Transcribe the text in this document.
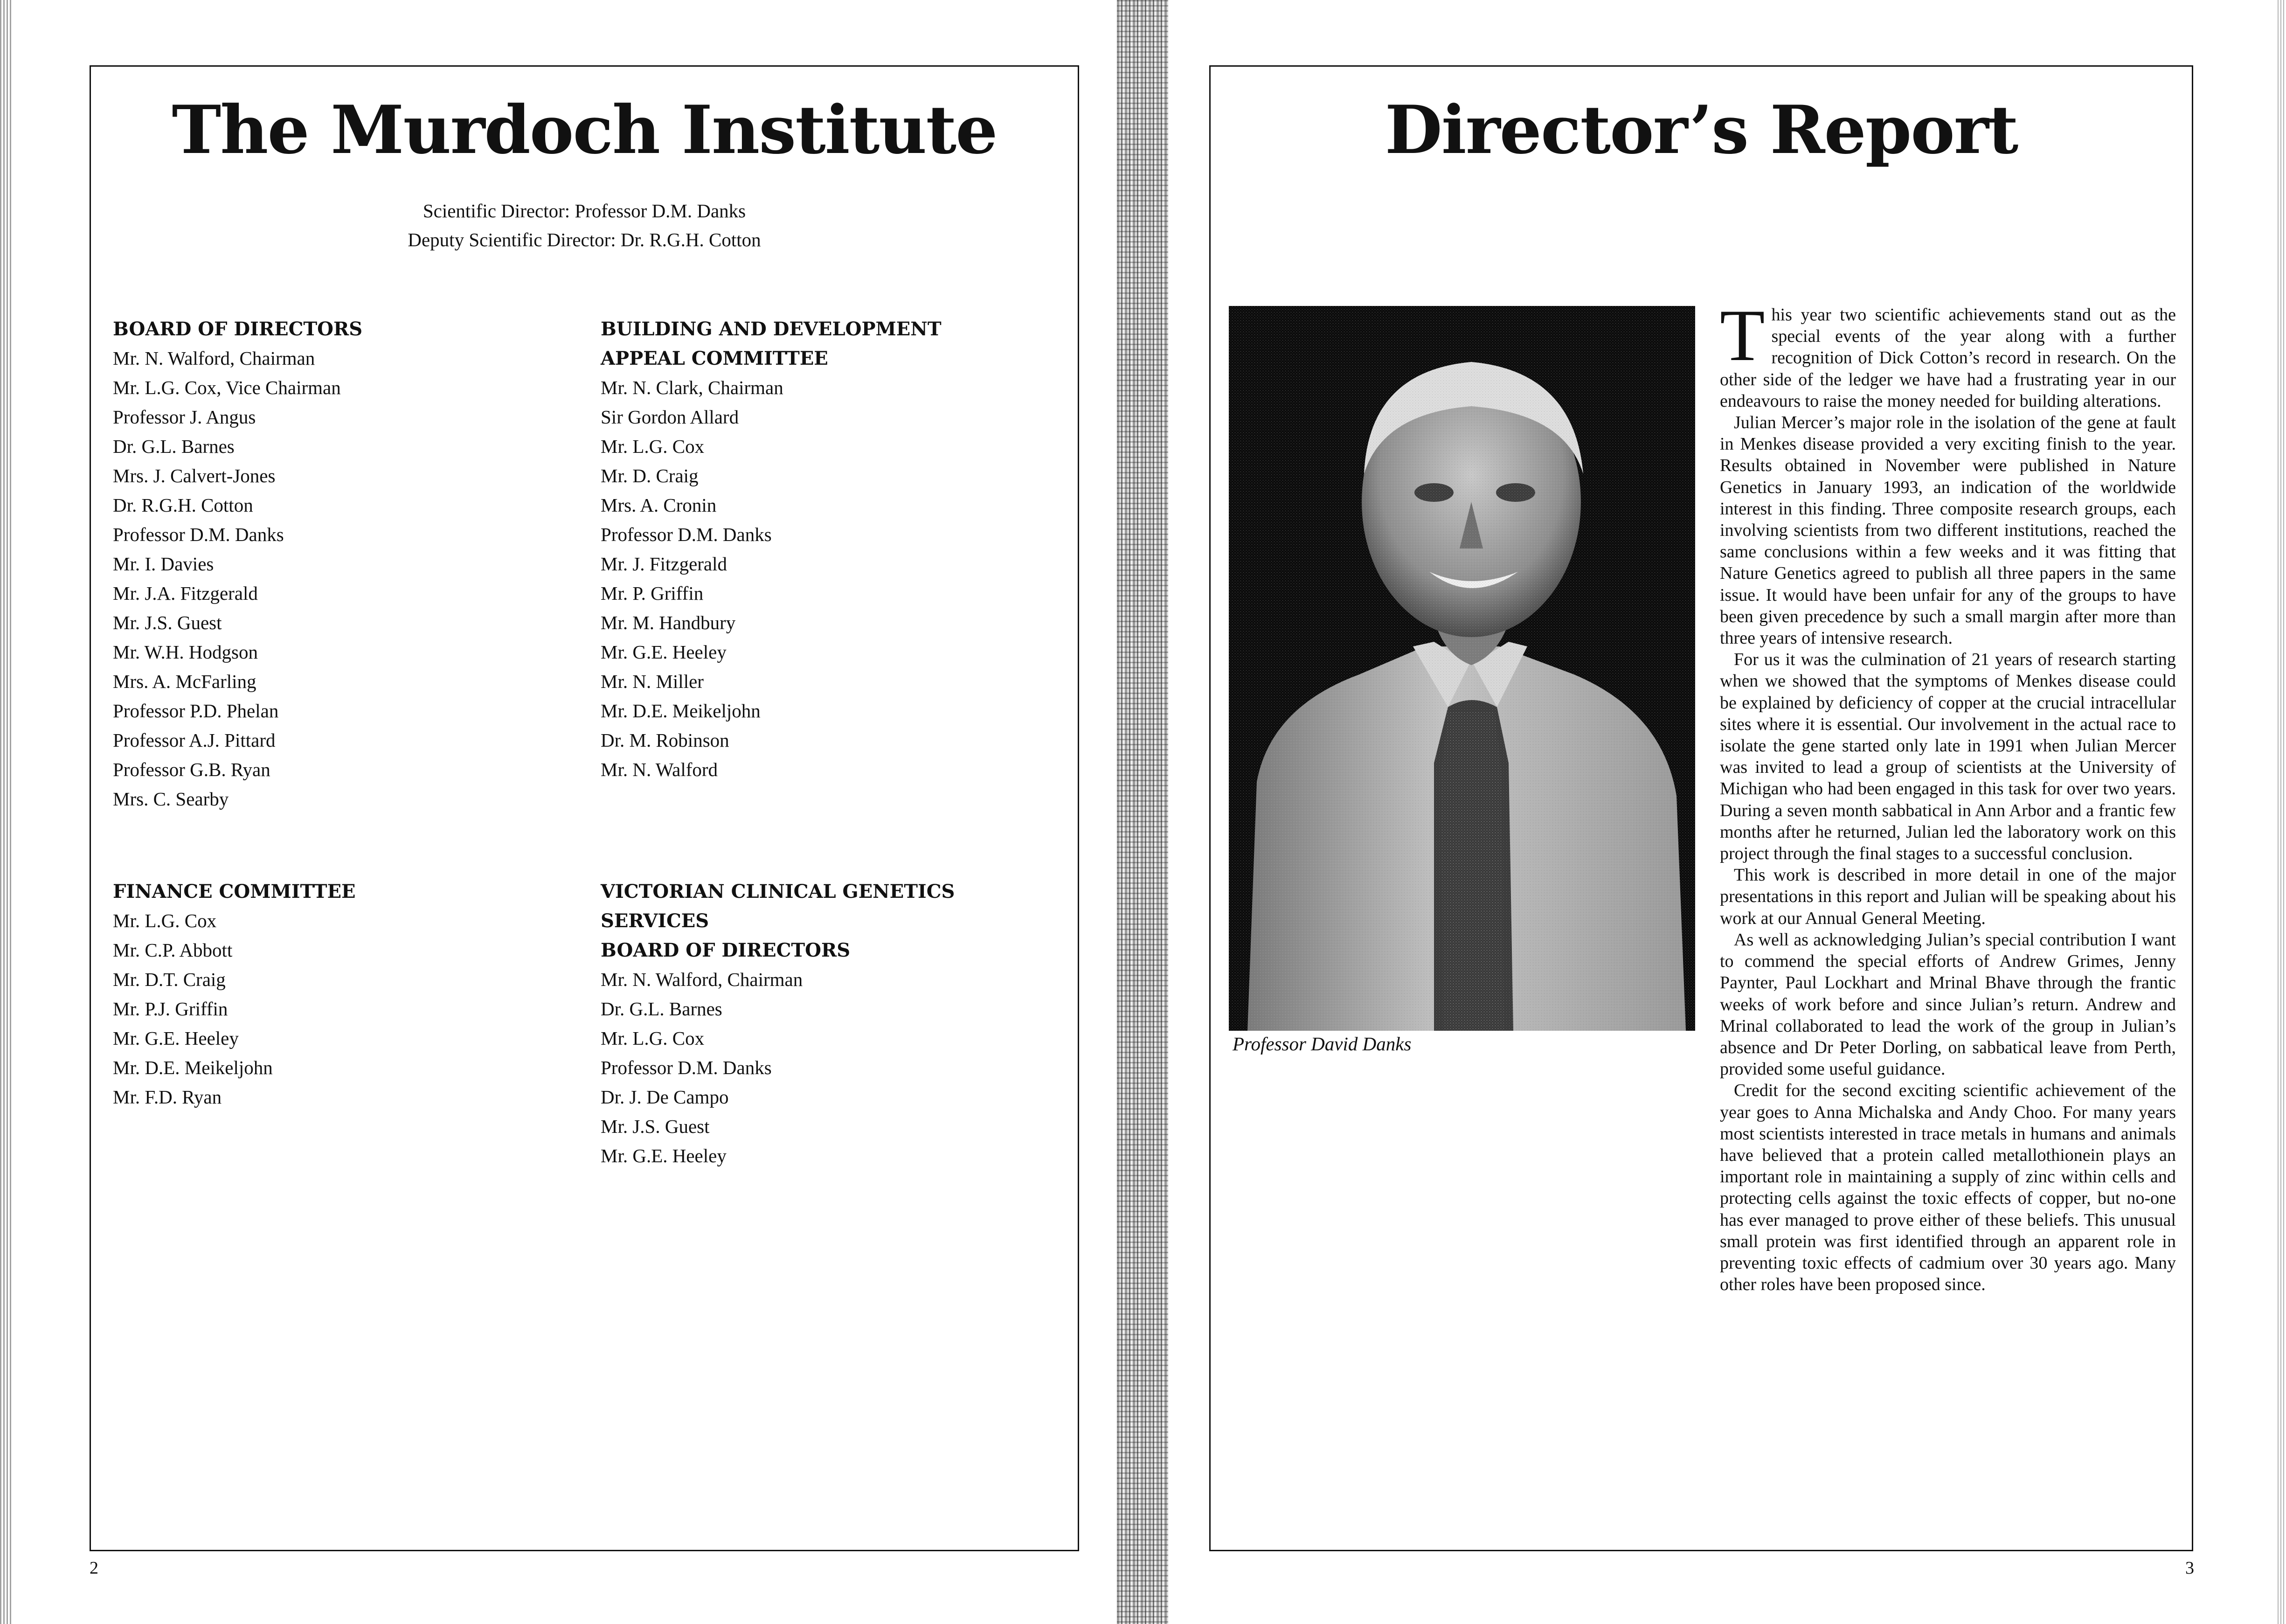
The Murdoch Institute

Scientific Director: Professor D.M. Danks

Deputy Scientific Director: Dr. R.G.H. Cotton

BOARD OF DIRECTORS
Mr. N. Walford, Chairman
Mr. L.G. Cox, Vice Chairman
Professor J. Angus
Dr. G.L. Barnes
Mrs. J. Calvert-Jones
Dr. R.G.H. Cotton
Professor D.M. Danks
Mr. I. Davies
Mr. J.A. Fitzgerald
Mr. J.S. Guest
Mr. W.H. Hodgson
Mrs. A. McFarling
Professor P.D. Phelan
Professor A.J. Pittard
Professor G.B. Ryan
Mrs. C. Searby
BUILDING AND DEVELOPMENT
APPEAL COMMITTEE
Mr. N. Clark, Chairman
Sir Gordon Allard
Mr. L.G. Cox
Mr. D. Craig
Mrs. A. Cronin
Professor D.M. Danks
Mr. J. Fitzgerald
Mr. P. Griffin
Mr. M. Handbury
Mr. G.E. Heeley
Mr. N. Miller
Mr. D.E. Meikeljohn
Dr. M. Robinson
Mr. N. Walford
FINANCE COMMITTEE
Mr. L.G. Cox
Mr. C.P. Abbott
Mr. D.T. Craig
Mr. P.J. Griffin
Mr. G.E. Heeley
Mr. D.E. Meikeljohn
Mr. F.D. Ryan
VICTORIAN CLINICAL GENETICS
SERVICES
BOARD OF DIRECTORS
Mr. N. Walford, Chairman
Dr. G.L. Barnes
Mr. L.G. Cox
Professor D.M. Danks
Dr. J. De Campo
Mr. J.S. Guest
Mr. G.E. Heeley
2
Director’s Report
Professor David Danks

This year two scientific achievements stand out as the special events of the year along with a further recognition of Dick Cotton’s record in research. On the other side of the ledger we have had a frustrating year in our endeavours to raise the money needed for building alterations.

Julian Mercer’s major role in the isolation of the gene at fault in Menkes disease provided a very exciting finish to the year. Results obtained in November were published in Nature Genetics in January 1993, an indication of the worldwide interest in this finding. Three composite research groups, each involving scientists from two different institutions, reached the same conclusions within a few weeks and it was fitting that Nature Genetics agreed to publish all three papers in the same issue. It would have been unfair for any of the groups to have been given precedence by such a small margin after more than three years of intensive research.

For us it was the culmination of 21 years of research starting when we showed that the symptoms of Menkes disease could be explained by deficiency of copper at the crucial intracellular sites where it is essential. Our involvement in the actual race to isolate the gene started only late in 1991 when Julian Mercer was invited to lead a group of scientists at the University of Michigan who had been engaged in this task for over two years. During a seven month sabbatical in Ann Arbor and a frantic few months after he returned, Julian led the laboratory work on this project through the final stages to a successful conclusion.

This work is described in more detail in one of the major presentations in this report and Julian will be speaking about his work at our Annual General Meeting.

As well as acknowledging Julian’s special contribution I want to commend the special efforts of Andrew Grimes, Jenny Paynter, Paul Lockhart and Mrinal Bhave through the frantic weeks of work before and since Julian’s return. Andrew and Mrinal collaborated to lead the work of the group in Julian’s absence and Dr Peter Dorling, on sabbatical leave from Perth, provided some useful guidance.

Credit for the second exciting scientific achievement of the year goes to Anna Michalska and Andy Choo. For many years most scientists interested in trace metals in humans and animals have believed that a protein called metallothionein plays an important role in maintaining a supply of zinc within cells and protecting cells against the toxic effects of copper, but no-one has ever managed to prove either of these beliefs. This unusual small protein was first identified through an apparent role in preventing toxic effects of cadmium over 30 years ago. Many other roles have been proposed since.

3
